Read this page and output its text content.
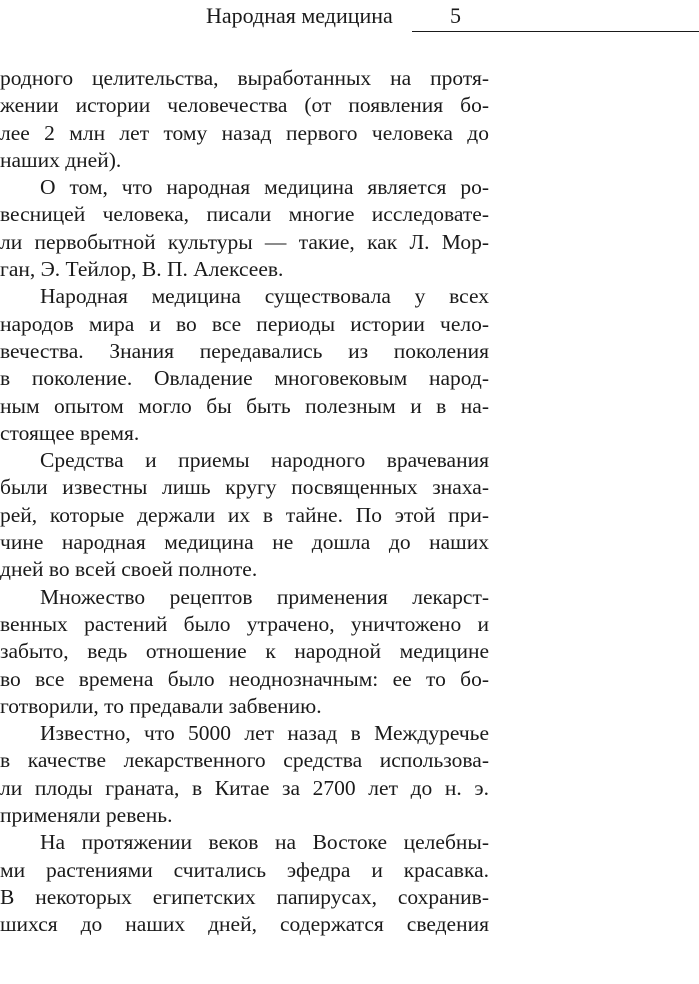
Народная медицина	5
родного целительства, выработанных на протя-
жении истории человечества (от появления бо-
лее 2 млн лет тому назад первого человека до
наших дней).
О том, что народная медицина является ро-
весницей человека, писали многие исследовате-
ли первобытной культуры — такие, как Л. Мор-
ган, Э. Тейлор, В. П. Алексеев.
Народная медицина существовала у всех
народов мира и во все периоды истории чело-
вечества. Знания передавались из поколения
в поколение. Овладение многовековым народ-
ным опытом могло бы быть полезным и в на-
стоящее время.
Средства и приемы народного врачевания
были известны лишь кругу посвященных знаха-
рей, которые держали их в тайне. По этой при-
чине народная медицина не дошла до наших
дней во всей своей полноте.
Множество рецептов применения лекарст-
венных растений было утрачено, уничтожено и
забыто, ведь отношение к народной медицине
во все времена было неоднозначным: ее то бо-
готворили, то предавали забвению.
Известно, что 5000 лет назад в Междуречье
в качестве лекарственного средства использова-
ли плоды граната, в Китае за 2700 лет до н. э.
применяли ревень.
На протяжении веков на Востоке целебны-
ми растениями считались эфедра и красавка.
В некоторых египетских папирусах, сохранив-
шихся до наших дней, содержатся сведения
